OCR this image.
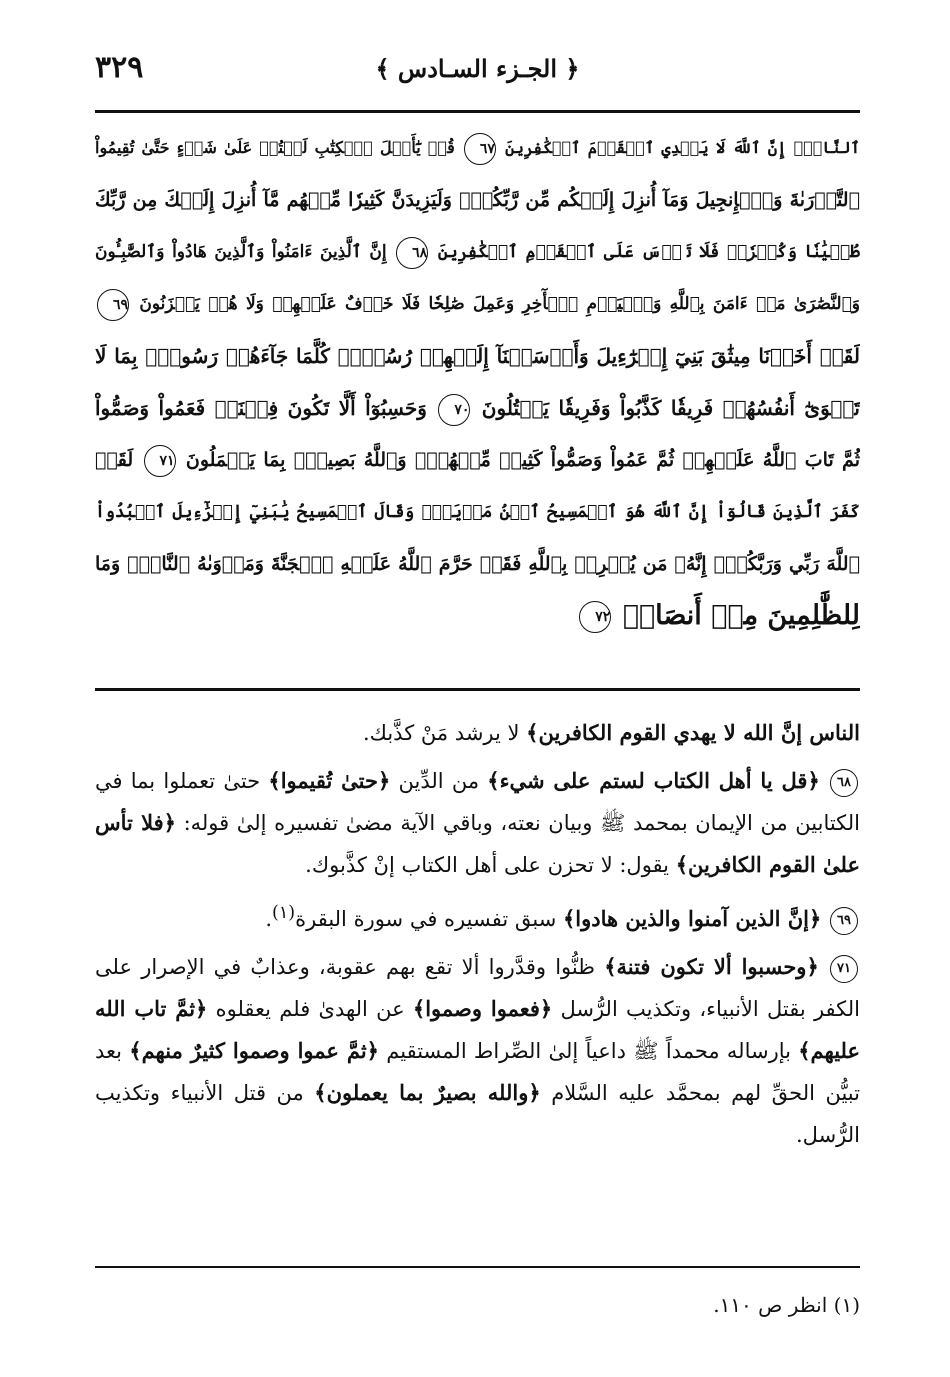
٣٢٩	﴿ الجـزء السـادس ﴾
ٱلنَّاسَۚ إِنَّ ٱللَّهَ لَا يَهۡدِي ٱلۡقَوۡمَ ٱلۡكَٰفِرِينَ ٦٧ قُلۡ يَٰٓأَهۡلَ ٱلۡكِتَٰبِ لَسۡتُمۡ عَلَىٰ شَيۡءٍ حَتَّىٰ تُقِيمُواْ
ٱلتَّوۡرَىٰةَ وَٱلۡإِنجِيلَ وَمَآ أُنزِلَ إِلَيۡكُم مِّن رَّبِّكُمۡۗ وَلَيَزِيدَنَّ كَثِيرٗا مِّنۡهُم مَّآ أُنزِلَ إِلَيۡكَ مِن رَّبِّكَ
طُغۡيَٰنٗا وَكُفۡرٗاۖ فَلَا تَأۡسَ عَلَى ٱلۡقَوۡمِ ٱلۡكَٰفِرِينَ ٦٨ إِنَّ ٱلَّذِينَ ءَامَنُواْ وَٱلَّذِينَ هَادُواْ وَٱلصَّٰبِـُٔونَ
وَٱلنَّصَٰرَىٰ مَنۡ ءَامَنَ بِٱللَّهِ وَٱلۡيَوۡمِ ٱلۡأٓخِرِ وَعَمِلَ صَٰلِحٗا فَلَا خَوۡفٌ عَلَيۡهِمۡ وَلَا هُمۡ يَحۡزَنُونَ ٦٩
لَقَدۡ أَخَذۡنَا مِيثَٰقَ بَنِيٓ إِسۡرَٰٓءِيلَ وَأَرۡسَلۡنَآ إِلَيۡهِمۡ رُسُلٗاۖ كُلَّمَا جَآءَهُمۡ رَسُولُۢ بِمَا لَا
تَهۡوَىٰٓ أَنفُسُهُمۡ فَرِيقٗا كَذَّبُواْ وَفَرِيقٗا يَقۡتُلُونَ ٧٠ وَحَسِبُوٓاْ أَلَّا تَكُونَ فِتۡنَةٞ فَعَمُواْ وَصَمُّواْ
ثُمَّ تَابَ ٱللَّهُ عَلَيۡهِمۡ ثُمَّ عَمُواْ وَصَمُّواْ كَثِيرٞ مِّنۡهُمۡۚ وَٱللَّهُ بَصِيرُۢ بِمَا يَعۡمَلُونَ ٧١ لَقَدۡ
كَفَرَ ٱلَّذِينَ قَالُوٓاْ إِنَّ ٱللَّهَ هُوَ ٱلۡمَسِيحُ ٱبۡنُ مَرۡيَمَۖ وَقَالَ ٱلۡمَسِيحُ يَٰبَنِيٓ إِسۡرَٰٓءِيلَ ٱعۡبُدُواْ
ٱللَّهَ رَبِّي وَرَبَّكُمۡۖ إِنَّهُۥ مَن يُشۡرِكۡ بِٱللَّهِ فَقَدۡ حَرَّمَ ٱللَّهُ عَلَيۡهِ ٱلۡجَنَّةَ وَمَأۡوَىٰهُ ٱلنَّارُۖ وَمَا
لِلظَّٰلِمِينَ مِنۡ أَنصَارٖ ٧٢

الناس إنَّ الله لا يهدي القوم الكافرين﴾ لا يرشد مَنْ كذَّبك.

٦٨ ﴿قل يا أهل الكتاب لستم على شيء﴾ من الدِّين ﴿حتىٰ تُقيموا﴾ حتىٰ تعملوا بما في الكتابين من الإيمان بمحمد ﷺ وبيان نعته، وباقي الآية مضىٰ تفسيره إلىٰ قوله: ﴿فلا تأس علىٰ القوم الكافرين﴾ يقول: لا تحزن على أهل الكتاب إنْ كذَّبوك.

٦٩ ﴿إنَّ الذين آمنوا والذين هادوا﴾ سبق تفسيره في سورة البقرة$^{(١)}$.

٧١ ﴿وحسبوا ألا تكون فتنة﴾ ظنُّوا وقدَّروا ألا تقع بهم عقوبة، وعذابٌ في الإصرار على الكفر بقتل الأنبياء، وتكذيب الرُّسل ﴿فعموا وصموا﴾ عن الهدىٰ فلم يعقلوه ﴿ثمَّ تاب الله عليهم﴾ بإرساله محمداً ﷺ داعياً إلىٰ الصِّراط المستقيم ﴿ثمَّ عموا وصموا كثيرٌ منهم﴾ بعد تبيُّن الحقِّ لهم بمحمَّد عليه السَّلام ﴿والله بصيرٌ بما يعملون﴾ من قتل الأنبياء وتكذيب الرُّسل.

(١) انظر ص ١١٠.
